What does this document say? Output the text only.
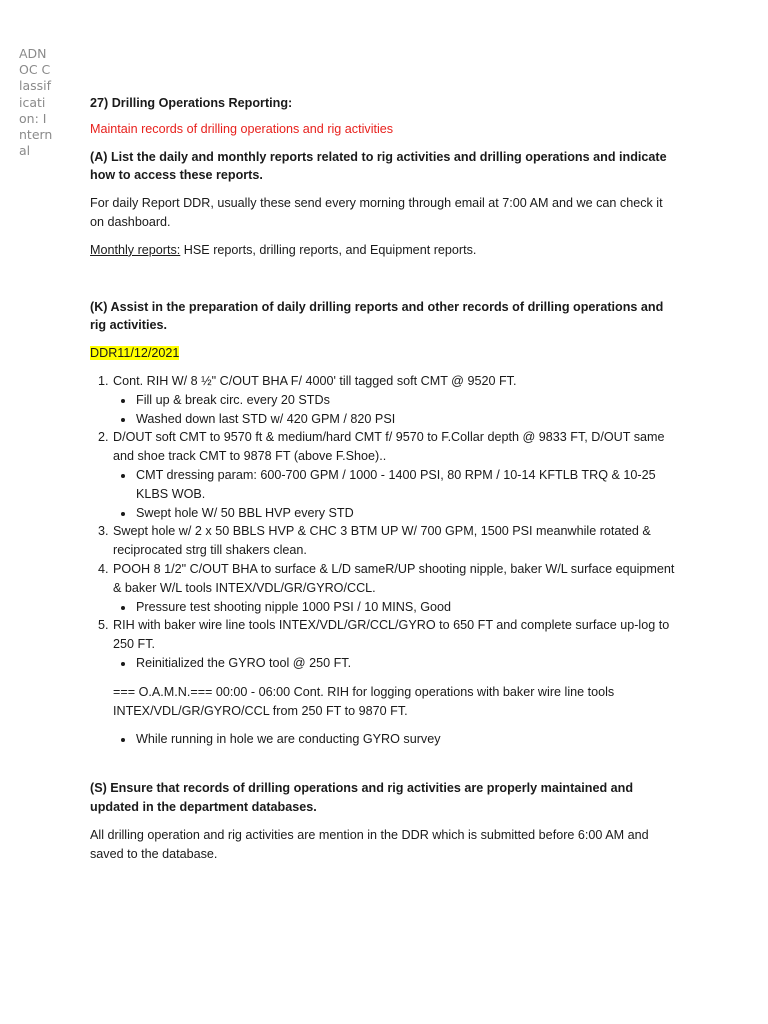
ADNOC Classification: Internal

27) Drilling Operations Reporting:

Maintain records of drilling operations and rig activities

(A) List the daily and monthly reports related to rig activities and drilling operations and indicate how to access these reports.

For daily Report DDR, usually these send every morning through email at 7:00 AM and we can check it on dashboard.

Monthly reports: HSE reports, drilling reports, and Equipment reports.

(K) Assist in the preparation of daily drilling reports and other records of drilling operations and rig activities.

DDR11/12/2021

1. Cont. RIH W/ 8 ½" C/OUT BHA F/ 4000' till tagged soft CMT @ 9520 FT.
• Fill up & break circ. every 20 STDs
• Washed down last STD w/ 420 GPM / 820 PSI
2. D/OUT soft CMT to 9570 ft & medium/hard CMT f/ 9570 to F.Collar depth @ 9833 FT, D/OUT same and shoe track CMT to 9878 FT (above F.Shoe)..
• CMT dressing param: 600-700 GPM / 1000 - 1400 PSI, 80 RPM / 10-14 KFTLB TRQ & 10-25 KLBS WOB.
• Swept hole W/ 50 BBL HVP every STD
3. Swept hole w/ 2 x 50 BBLS HVP & CHC 3 BTM UP W/ 700 GPM, 1500 PSI meanwhile rotated & reciprocated strg till shakers clean.
4. POOH 8 1/2" C/OUT BHA to surface & L/D sameR/UP shooting nipple, baker W/L surface equipment & baker W/L tools INTEX/VDL/GR/GYRO/CCL.
• Pressure test shooting nipple 1000 PSI / 10 MINS, Good
5. RIH with baker wire line tools INTEX/VDL/GR/CCL/GYRO to 650 FT and complete surface up-log to 250 FT.
• Reinitialized the GYRO tool @ 250 FT.

=== O.A.M.N.=== 00:00 - 06:00 Cont. RIH for logging operations with baker wire line tools INTEX/VDL/GR/GYRO/CCL from 250 FT to 9870 FT.

• While running in hole we are conducting GYRO survey

(S) Ensure that records of drilling operations and rig activities are properly maintained and updated in the department databases.

All drilling operation and rig activities are mention in the DDR which is submitted before 6:00 AM and saved to the database.
